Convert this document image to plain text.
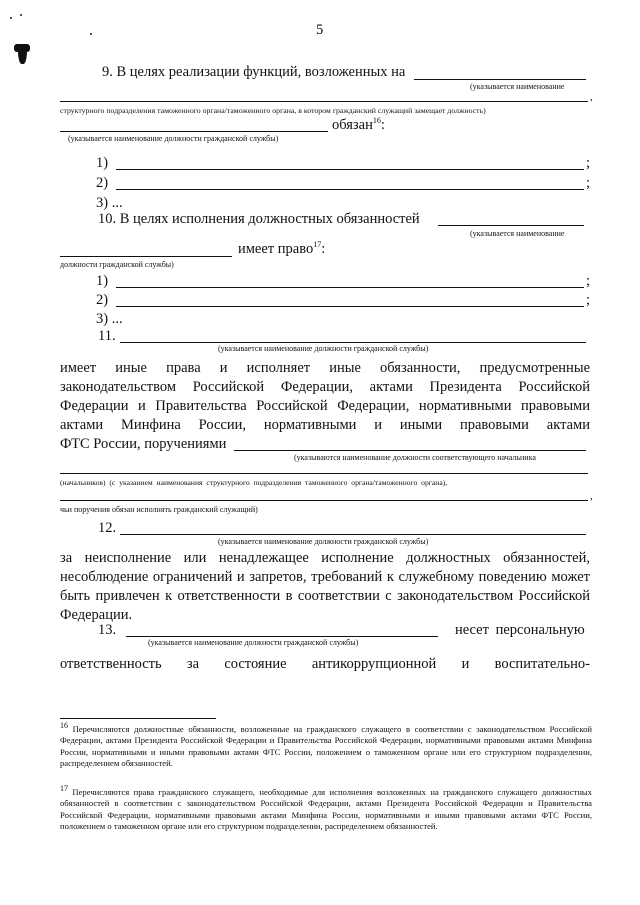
5
9. В целях реализации функций, возложенных на
(указывается наименование
,
структурного подразделения таможенного органа/таможенного органа, в котором гражданский служащий замещает должность)
обязан$^{16}$:
(указывается наименование должности гражданской службы)
1)	;
2)	;
3) ...
10. В целях исполнения должностных обязанностей
(указывается наименование
имеет право$^{17}$:
должности гражданской службы)
1)	;
2)	;
3) ...
11.
(указывается наименование должности гражданской службы)
имеет иные права и исполняет иные обязанности, предусмотренные законодательством Российской Федерации, актами Президента Российской Федерации и Правительства Российской Федерации, нормативными правовыми актами Минфина России, нормативными и иными правовыми актами
ФТС России, поручениями
(указываются наименование должности соответствующего начальника
(начальников) (с указанием наименования структурного подразделения таможенного органа/таможенного органа),
,
чьи поручения обязан исполнять гражданский служащий)
12.
(указывается наименование должности гражданской службы)
за неисполнение или ненадлежащее исполнение должностных обязанностей, несоблюдение ограничений и запретов, требований к служебному поведению может быть привлечен к ответственности в соответствии с законодательством Российской Федерации.
13.	несет персональную
(указывается наименование должности гражданской службы)
ответственность за состояние антикоррупционной и воспитательно-
$^{16}$ Перечисляются должностные обязанности, возложенные на гражданского служащего в соответствии с законодательством Российской Федерации, актами Президента Российской Федерации и Правительства Российской Федерации, нормативными правовыми актами Минфина России, нормативными и иными правовыми актами ФТС России, положением о таможенном органе или его структурном подразделении, распределением обязанностей.
$^{17}$ Перечисляются права гражданского служащего, необходимые для исполнения возложенных на гражданского служащего должностных обязанностей в соответствии с законодательством Российской Федерации, актами Президента Российской Федерации и Правительства Российской Федерации, нормативными правовыми актами Минфина России, нормативными и иными правовыми актами ФТС России, положением о таможенном органе или его структурном подразделении, распределением обязанностей.
